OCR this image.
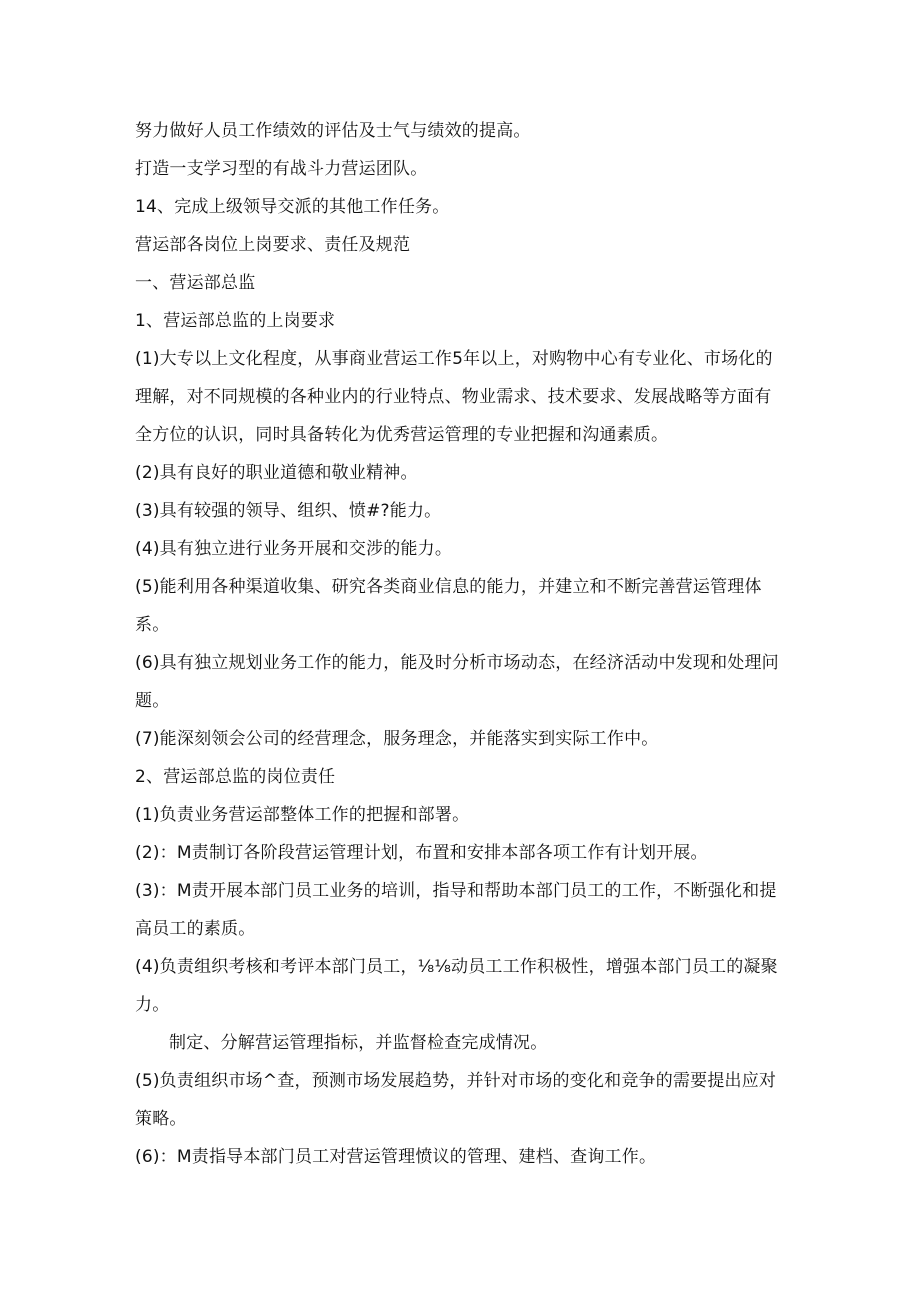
努力做好人员工作绩效的评估及士气与绩效的提高。

打造一支学习型的有战斗力营运团队。

14、完成上级领导交派的其他工作任务。

营运部各岗位上岗要求、责任及规范

一、营运部总监

1、营运部总监的上岗要求

(1)大专以上文化程度，从事商业营运工作5年以上，对购物中心有专业化、市场化的理解，对不同规模的各种业内的行业特点、物业需求、技术要求、发展战略等方面有全方位的认识，同时具备转化为优秀营运管理的专业把握和沟通素质。

(2)具有良好的职业道德和敬业精神。

(3)具有较强的领导、组织、愤#?能力。

(4)具有独立进行业务开展和交涉的能力。

(5)能利用各种渠道收集、研究各类商业信息的能力，并建立和不断完善营运管理体系。

(6)具有独立规划业务工作的能力，能及时分析市场动态，在经济活动中发现和处理问题。

(7)能深刻领会公司的经营理念，服务理念，并能落实到实际工作中。

2、营运部总监的岗位责任

(1)负责业务营运部整体工作的把握和部署。

(2)：M责制订各阶段营运管理计划，布置和安排本部各项工作有计划开展。

(3)：M责开展本部门员工业务的培训，指导和帮助本部门员工的工作，不断强化和提高员工的素质。

(4)负责组织考核和考评本部门员工，⅛⅛动员工工作积极性，增强本部门员工的凝聚力。

制定、分解营运管理指标，并监督检查完成情况。

(5)负责组织市场^查，预测市场发展趋势，并针对市场的变化和竞争的需要提出应对策略。

(6)：M责指导本部门员工对营运管理愤议的管理、建档、查询工作。
